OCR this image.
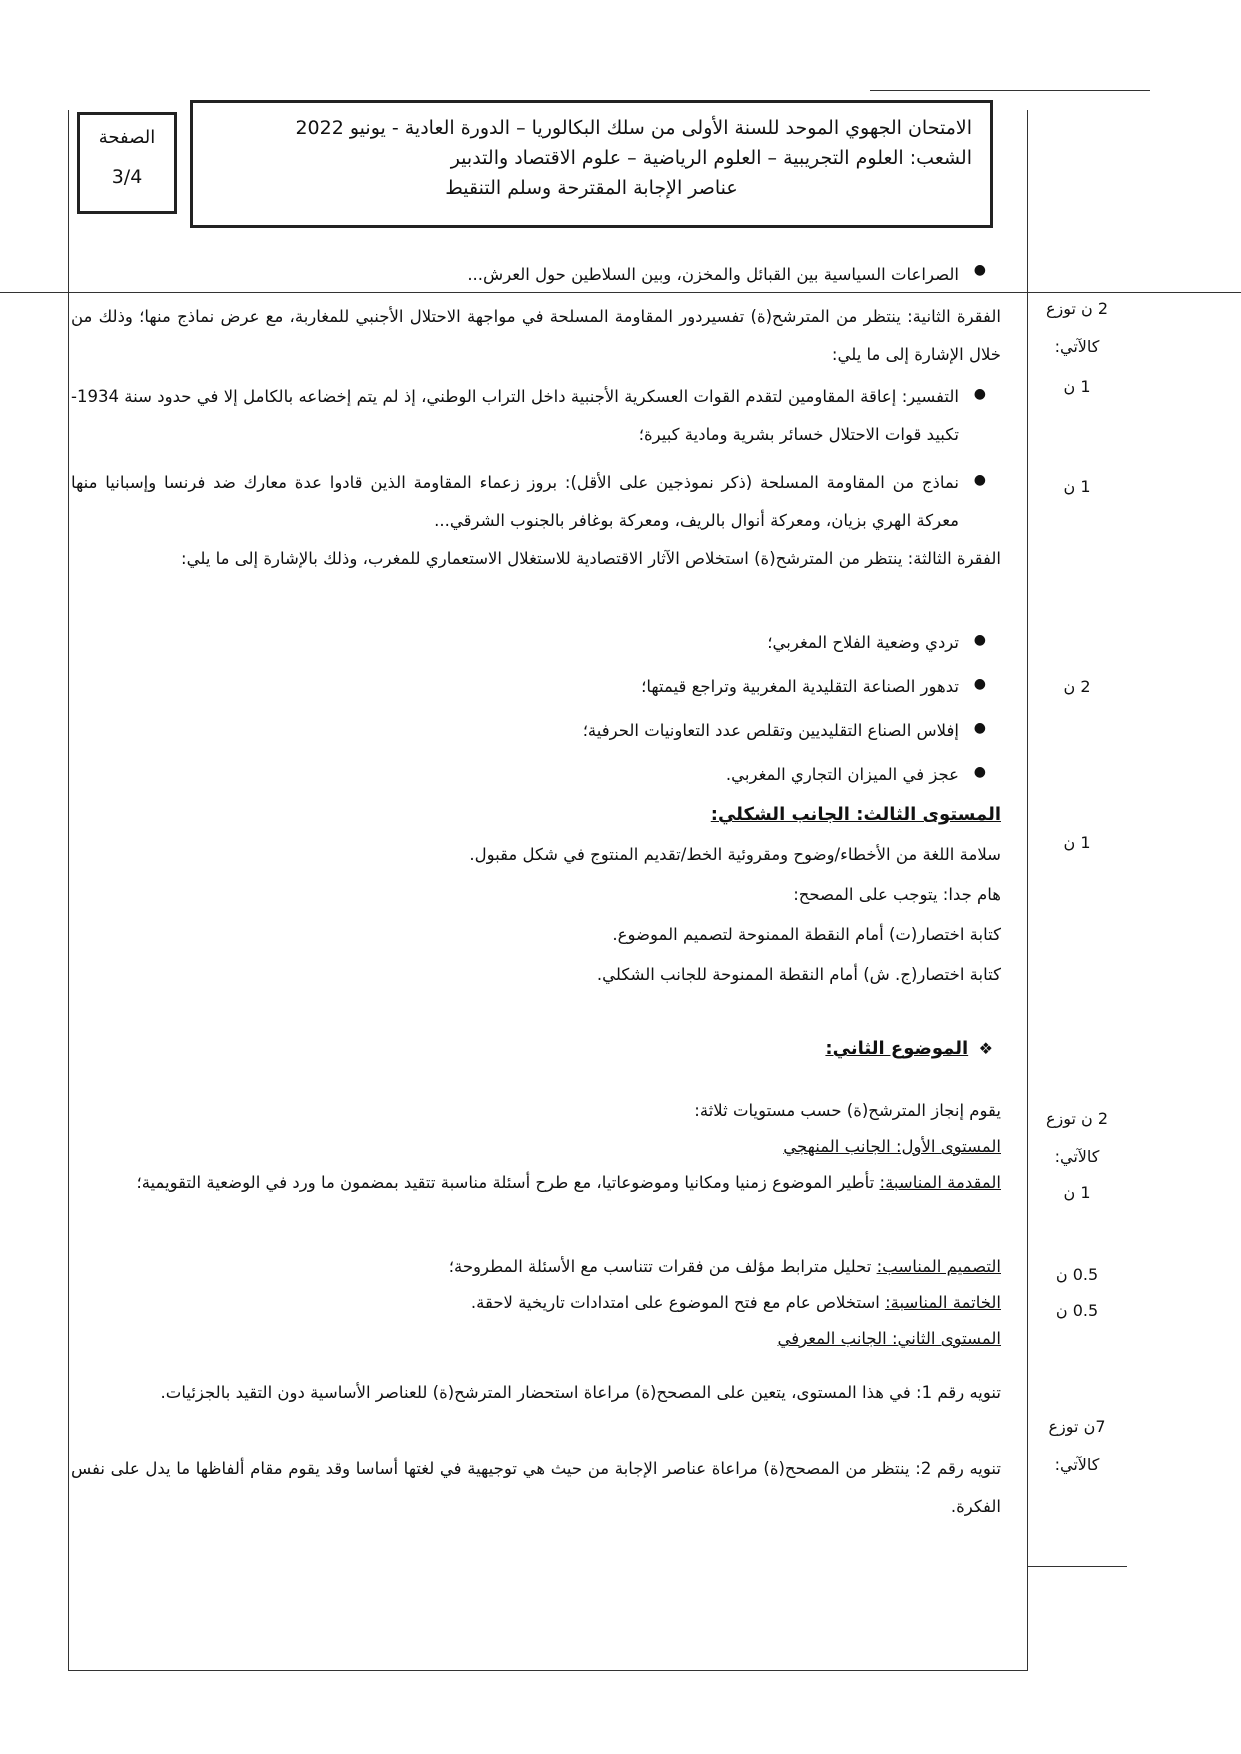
الامتحان الجهوي الموحد للسنة الأولى من سلك البكالوريا – الدورة العادية - يونيو 2022
الشعب: العلوم التجريبية – العلوم الرياضية – علوم الاقتصاد والتدبير
عناصر الإجابة المقترحة وسلم التنقيط
الصفحة
3/4
●
الصراعات السياسية بين القبائل والمخزن، وبين السلاطين حول العرش...
الفقرة الثانية: ينتظر من المترشح(ة) تفسيردور المقاومة المسلحة في مواجهة الاحتلال الأجنبي للمغاربة، مع عرض نماذج منها؛ وذلك من خلال الإشارة إلى ما يلي:
●
التفسير: إعاقة المقاومين لتقدم القوات العسكرية الأجنبية داخل التراب الوطني، إذ لم يتم إخضاعه بالكامل إلا في حدود سنة 1934- تكبيد قوات الاحتلال خسائر بشرية ومادية كبيرة؛
●
نماذج من المقاومة المسلحة (ذكر نموذجين على الأقل): بروز زعماء المقاومة الذين قادوا عدة معارك ضد فرنسا وإسبانيا منها معركة الهري بزيان، ومعركة أنوال بالريف، ومعركة بوغافر بالجنوب الشرقي...
الفقرة الثالثة: ينتظر من المترشح(ة) استخلاص الآثار الاقتصادية للاستغلال الاستعماري للمغرب، وذلك بالإشارة إلى ما يلي:
●
تردي وضعية الفلاح المغربي؛
●
تدهور الصناعة التقليدية المغربية وتراجع قيمتها؛
●
إفلاس الصناع التقليديين وتقلص عدد التعاونيات الحرفية؛
●
عجز في الميزان التجاري المغربي.
المستوى الثالث: الجانب الشكلي:
سلامة اللغة من الأخطاء/وضوح ومقروئية الخط/تقديم المنتوج في شكل مقبول.
هام جدا: يتوجب على المصحح:
كتابة اختصار(ت) أمام النقطة الممنوحة لتصميم الموضوع.
كتابة اختصار(ج. ش) أمام النقطة الممنوحة للجانب الشكلي.
❖  الموضوع الثاني:
يقوم إنجاز المترشح(ة) حسب مستويات ثلاثة:
المستوى الأول: الجانب المنهجي
المقدمة المناسبة: تأطير الموضوع زمنيا ومكانيا وموضوعاتيا، مع طرح أسئلة مناسبة تتقيد بمضمون ما ورد في الوضعية التقويمية؛
التصميم المناسب: تحليل مترابط مؤلف من فقرات تتناسب مع الأسئلة المطروحة؛
الخاتمة المناسبة: استخلاص عام مع فتح الموضوع على امتدادات تاريخية لاحقة.
المستوى الثاني: الجانب المعرفي
تنويه رقم 1: في هذا المستوى، يتعين على المصحح(ة) مراعاة استحضار المترشح(ة) للعناصر الأساسية دون التقيد بالجزئيات.
تنويه رقم 2: ينتظر من المصحح(ة) مراعاة عناصر الإجابة من حيث هي توجيهية في لغتها أساسا وقد يقوم مقام ألفاظها ما يدل على نفس الفكرة.
2 ن توزع
كالآتي:
1 ن
1 ن
2 ن
1 ن
2 ن توزع
كالآتي:
1 ن
0.5 ن
0.5 ن
7ن توزع
كالآتي:
